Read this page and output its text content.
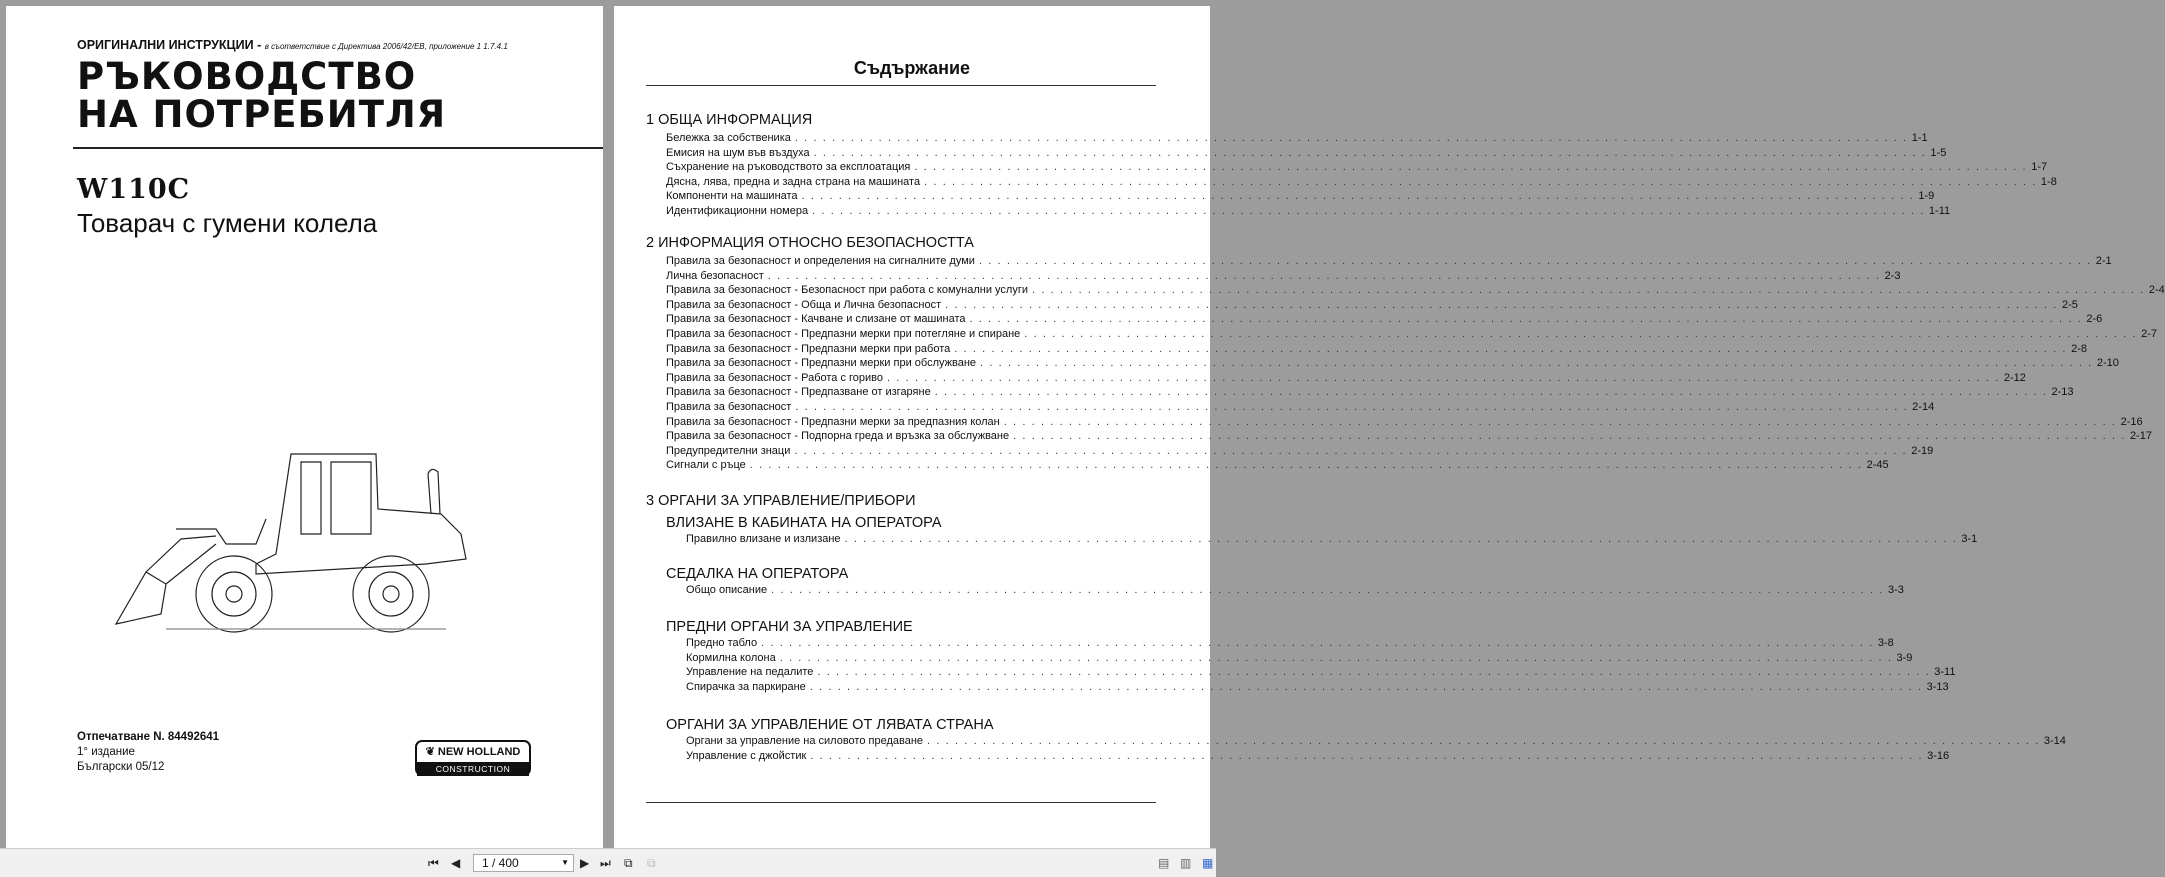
ОРИГИНАЛНИ ИНСТРУКЦИИ - в съответствие с Директива 2006/42/ЕВ, приложение 1 1.7.4.1
РЪКОВОДСТВО
НА ПОТРЕБИТЛЯ
W110C
Товарач с гумени колела
Отпечатване N. 84492641
1° издание
Български 05/12
❦ NEW HOLLAND
CONSTRUCTION
Съдържание
1 ОБЩА ИНФОРМАЦИЯ
Бележка за собственика . . . . . . . . . . . . . . . . . . . . . . . . . . . . . . . . . . . . . . . . . . . . . . . . . . . . . . . . . . . . . . . . . . . . . . . . . . . . . . . . . . . . . . . . . . . . . . . . . . . . . . . . . . . . . . . . . . . . . . . . 1-1
Емисия на шум във въздуха . . . . . . . . . . . . . . . . . . . . . . . . . . . . . . . . . . . . . . . . . . . . . . . . . . . . . . . . . . . . . . . . . . . . . . . . . . . . . . . . . . . . . . . . . . . . . . . . . . . . . . . . . . . . . . . . . . . . . . . . 1-5
Съхранение на ръководството за експлоатация . . . . . . . . . . . . . . . . . . . . . . . . . . . . . . . . . . . . . . . . . . . . . . . . . . . . . . . . . . . . . . . . . . . . . . . . . . . . . . . . . . . . . . . . . . . . . . . . . . . . . . . . . . . . . . . . . . . . . . . . 1-7
Дясна, лява, предна и задна страна на машината . . . . . . . . . . . . . . . . . . . . . . . . . . . . . . . . . . . . . . . . . . . . . . . . . . . . . . . . . . . . . . . . . . . . . . . . . . . . . . . . . . . . . . . . . . . . . . . . . . . . . . . . . . . . . . . . . . . . . . . . 1-8
Компоненти на машината . . . . . . . . . . . . . . . . . . . . . . . . . . . . . . . . . . . . . . . . . . . . . . . . . . . . . . . . . . . . . . . . . . . . . . . . . . . . . . . . . . . . . . . . . . . . . . . . . . . . . . . . . . . . . . . . . . . . . . . . 1-9
Идентификационни номера . . . . . . . . . . . . . . . . . . . . . . . . . . . . . . . . . . . . . . . . . . . . . . . . . . . . . . . . . . . . . . . . . . . . . . . . . . . . . . . . . . . . . . . . . . . . . . . . . . . . . . . . . . . . . . . . . . . . . . . . 1-11
2 ИНФОРМАЦИЯ ОТНОСНО БЕЗОПАСНОСТТА
Правила за безопасност и определения на сигналните думи . . . . . . . . . . . . . . . . . . . . . . . . . . . . . . . . . . . . . . . . . . . . . . . . . . . . . . . . . . . . . . . . . . . . . . . . . . . . . . . . . . . . . . . . . . . . . . . . . . . . . . . . . . . . . . . . . . . . . . . . 2-1
Лична безопасност . . . . . . . . . . . . . . . . . . . . . . . . . . . . . . . . . . . . . . . . . . . . . . . . . . . . . . . . . . . . . . . . . . . . . . . . . . . . . . . . . . . . . . . . . . . . . . . . . . . . . . . . . . . . . . . . . . . . . . . . 2-3
Правила за безопасност - Безопасност при работа с комунални услуги . . . . . . . . . . . . . . . . . . . . . . . . . . . . . . . . . . . . . . . . . . . . . . . . . . . . . . . . . . . . . . . . . . . . . . . . . . . . . . . . . . . . . . . . . . . . . . . . . . . . . . . . . . . . . . . . . . . . . . . . 2-4
Правила за безопасност - Обща и Лична безопасност . . . . . . . . . . . . . . . . . . . . . . . . . . . . . . . . . . . . . . . . . . . . . . . . . . . . . . . . . . . . . . . . . . . . . . . . . . . . . . . . . . . . . . . . . . . . . . . . . . . . . . . . . . . . . . . . . . . . . . . . 2-5
Правила за безопасност - Качване и слизане от машината . . . . . . . . . . . . . . . . . . . . . . . . . . . . . . . . . . . . . . . . . . . . . . . . . . . . . . . . . . . . . . . . . . . . . . . . . . . . . . . . . . . . . . . . . . . . . . . . . . . . . . . . . . . . . . . . . . . . . . . . 2-6
Правила за безопасност - Предпазни мерки при потегляне и спиране . . . . . . . . . . . . . . . . . . . . . . . . . . . . . . . . . . . . . . . . . . . . . . . . . . . . . . . . . . . . . . . . . . . . . . . . . . . . . . . . . . . . . . . . . . . . . . . . . . . . . . . . . . . . . . . . . . . . . . . . 2-7
Правила за безопасност - Предпазни мерки при работа . . . . . . . . . . . . . . . . . . . . . . . . . . . . . . . . . . . . . . . . . . . . . . . . . . . . . . . . . . . . . . . . . . . . . . . . . . . . . . . . . . . . . . . . . . . . . . . . . . . . . . . . . . . . . . . . . . . . . . . . 2-8
Правила за безопасност - Предпазни мерки при обслужване . . . . . . . . . . . . . . . . . . . . . . . . . . . . . . . . . . . . . . . . . . . . . . . . . . . . . . . . . . . . . . . . . . . . . . . . . . . . . . . . . . . . . . . . . . . . . . . . . . . . . . . . . . . . . . . . . . . . . . . . 2-10
Правила за безопасност - Работа с гориво . . . . . . . . . . . . . . . . . . . . . . . . . . . . . . . . . . . . . . . . . . . . . . . . . . . . . . . . . . . . . . . . . . . . . . . . . . . . . . . . . . . . . . . . . . . . . . . . . . . . . . . . . . . . . . . . . . . . . . . . 2-12
Правила за безопасност - Предпазване от изгаряне . . . . . . . . . . . . . . . . . . . . . . . . . . . . . . . . . . . . . . . . . . . . . . . . . . . . . . . . . . . . . . . . . . . . . . . . . . . . . . . . . . . . . . . . . . . . . . . . . . . . . . . . . . . . . . . . . . . . . . . . 2-13
Правила за безопасност . . . . . . . . . . . . . . . . . . . . . . . . . . . . . . . . . . . . . . . . . . . . . . . . . . . . . . . . . . . . . . . . . . . . . . . . . . . . . . . . . . . . . . . . . . . . . . . . . . . . . . . . . . . . . . . . . . . . . . . . 2-14
Правила за безопасност - Предпазни мерки за предпазния колан . . . . . . . . . . . . . . . . . . . . . . . . . . . . . . . . . . . . . . . . . . . . . . . . . . . . . . . . . . . . . . . . . . . . . . . . . . . . . . . . . . . . . . . . . . . . . . . . . . . . . . . . . . . . . . . . . . . . . . . . 2-16
Правила за безопасност - Подпорна греда и връзка за обслужване . . . . . . . . . . . . . . . . . . . . . . . . . . . . . . . . . . . . . . . . . . . . . . . . . . . . . . . . . . . . . . . . . . . . . . . . . . . . . . . . . . . . . . . . . . . . . . . . . . . . . . . . . . . . . . . . . . . . . . . . 2-17
Предупредителни знаци . . . . . . . . . . . . . . . . . . . . . . . . . . . . . . . . . . . . . . . . . . . . . . . . . . . . . . . . . . . . . . . . . . . . . . . . . . . . . . . . . . . . . . . . . . . . . . . . . . . . . . . . . . . . . . . . . . . . . . . . 2-19
Сигнали с ръце . . . . . . . . . . . . . . . . . . . . . . . . . . . . . . . . . . . . . . . . . . . . . . . . . . . . . . . . . . . . . . . . . . . . . . . . . . . . . . . . . . . . . . . . . . . . . . . . . . . . . . . . . . . . . . . . . . . . . . . . 2-45
3 ОРГАНИ ЗА УПРАВЛЕНИЕ/ПРИБОРИ
ВЛИЗАНЕ В КАБИНАТА НА ОПЕРАТОРА
Правилно влизане и излизане . . . . . . . . . . . . . . . . . . . . . . . . . . . . . . . . . . . . . . . . . . . . . . . . . . . . . . . . . . . . . . . . . . . . . . . . . . . . . . . . . . . . . . . . . . . . . . . . . . . . . . . . . . . . . . . . . . . . . . . . 3-1
СЕДАЛКА НА ОПЕРАТОРА
Общо описание . . . . . . . . . . . . . . . . . . . . . . . . . . . . . . . . . . . . . . . . . . . . . . . . . . . . . . . . . . . . . . . . . . . . . . . . . . . . . . . . . . . . . . . . . . . . . . . . . . . . . . . . . . . . . . . . . . . . . . . . 3-3
ПРЕДНИ ОРГАНИ ЗА УПРАВЛЕНИЕ
Предно табло . . . . . . . . . . . . . . . . . . . . . . . . . . . . . . . . . . . . . . . . . . . . . . . . . . . . . . . . . . . . . . . . . . . . . . . . . . . . . . . . . . . . . . . . . . . . . . . . . . . . . . . . . . . . . . . . . . . . . . . . 3-8
Кормилна колона . . . . . . . . . . . . . . . . . . . . . . . . . . . . . . . . . . . . . . . . . . . . . . . . . . . . . . . . . . . . . . . . . . . . . . . . . . . . . . . . . . . . . . . . . . . . . . . . . . . . . . . . . . . . . . . . . . . . . . . . 3-9
Управление на педалите . . . . . . . . . . . . . . . . . . . . . . . . . . . . . . . . . . . . . . . . . . . . . . . . . . . . . . . . . . . . . . . . . . . . . . . . . . . . . . . . . . . . . . . . . . . . . . . . . . . . . . . . . . . . . . . . . . . . . . . . 3-11
Спирачка за паркиране . . . . . . . . . . . . . . . . . . . . . . . . . . . . . . . . . . . . . . . . . . . . . . . . . . . . . . . . . . . . . . . . . . . . . . . . . . . . . . . . . . . . . . . . . . . . . . . . . . . . . . . . . . . . . . . . . . . . . . . . 3-13
ОРГАНИ ЗА УПРАВЛЕНИЕ ОТ ЛЯВАТА СТРАНА
Органи за управление на силовото предаване . . . . . . . . . . . . . . . . . . . . . . . . . . . . . . . . . . . . . . . . . . . . . . . . . . . . . . . . . . . . . . . . . . . . . . . . . . . . . . . . . . . . . . . . . . . . . . . . . . . . . . . . . . . . . . . . . . . . . . . . 3-14
Управление с джойстик . . . . . . . . . . . . . . . . . . . . . . . . . . . . . . . . . . . . . . . . . . . . . . . . . . . . . . . . . . . . . . . . . . . . . . . . . . . . . . . . . . . . . . . . . . . . . . . . . . . . . . . . . . . . . . . . . . . . . . . . 3-16
⏮ ◀	1 / 400	▼ ▶ ⏭ ⧉ ⧉	▤ ▥ ▦
